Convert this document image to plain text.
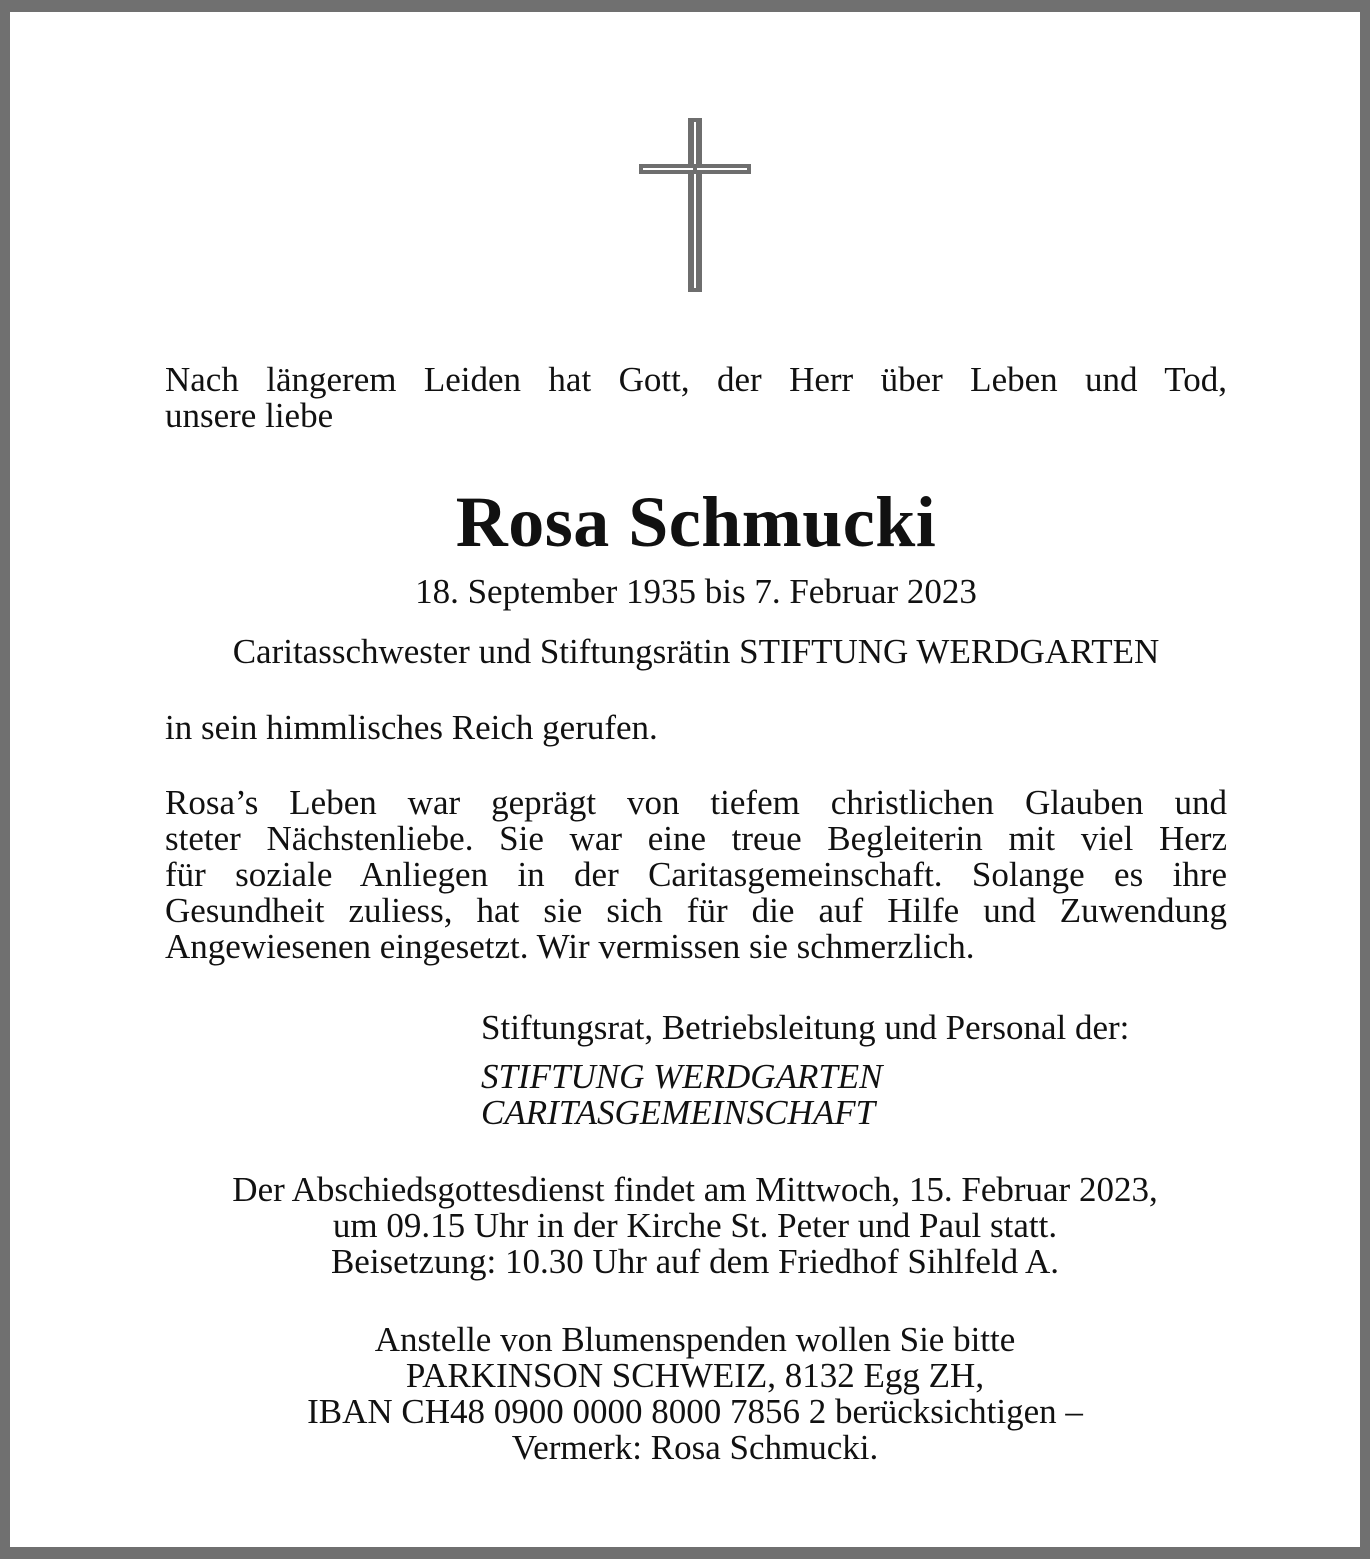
Nach längerem Leiden hat Gott, der Herr über Leben und Tod,
unsere liebe
Rosa Schmucki
18. September 1935 bis 7. Februar 2023
Caritasschwester und Stiftungsrätin STIFTUNG WERDGARTEN
in sein himmlisches Reich gerufen.
Rosa’s Leben war geprägt von tiefem christlichen Glauben und
steter Nächstenliebe. Sie war eine treue Begleiterin mit viel Herz
für soziale Anliegen in der Caritasgemeinschaft. Solange es ihre
Gesundheit zuliess, hat sie sich für die auf Hilfe und Zuwendung
Angewiesenen eingesetzt. Wir vermissen sie schmerzlich.
Stiftungsrat, Betriebsleitung und Personal der:
STIFTUNG WERDGARTEN
CARITASGEMEINSCHAFT
Der Abschiedsgottesdienst findet am Mittwoch, 15. Februar 2023,
um 09.15 Uhr in der Kirche St. Peter und Paul statt.
Beisetzung: 10.30 Uhr auf dem Friedhof Sihlfeld A.
Anstelle von Blumenspenden wollen Sie bitte
PARKINSON SCHWEIZ, 8132 Egg ZH,
IBAN CH48 0900 0000 8000 7856 2 berücksichtigen –
Vermerk: Rosa Schmucki.
